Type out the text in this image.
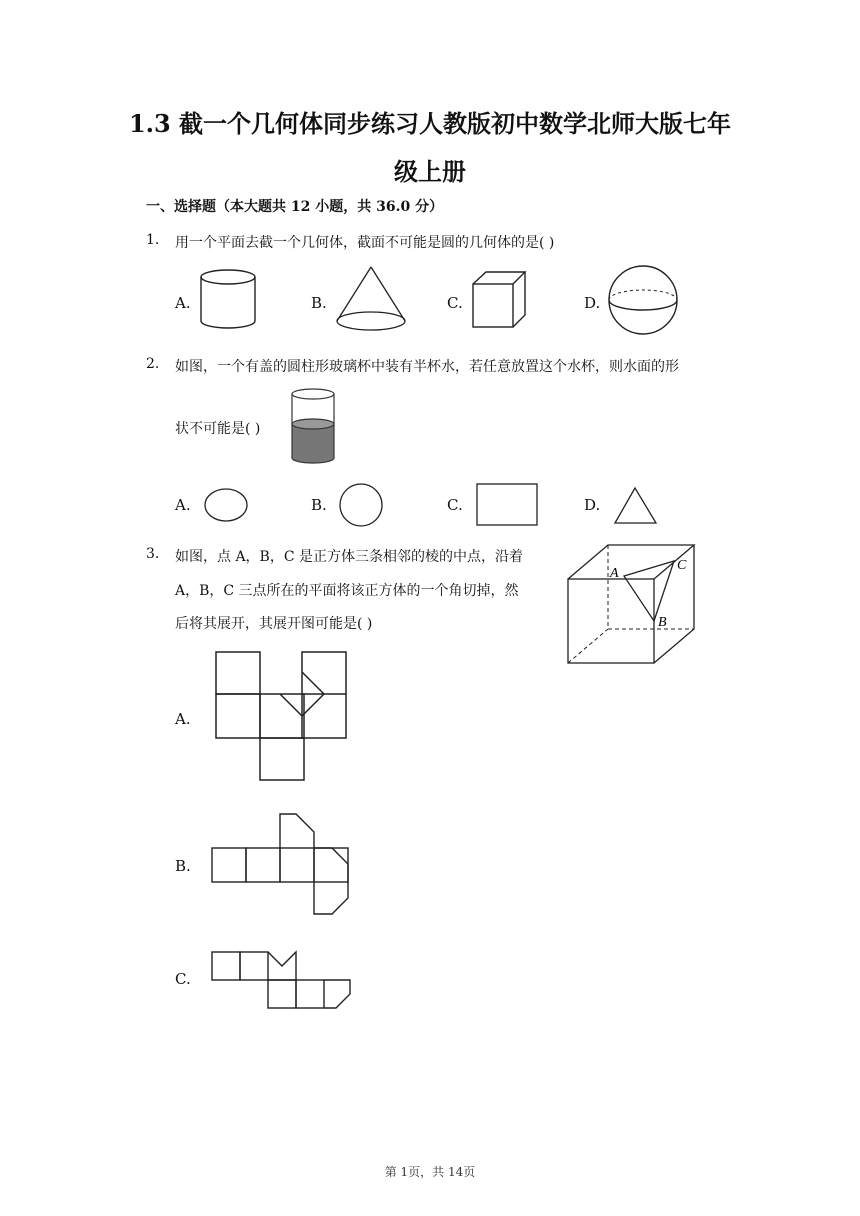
1.3 截一个几何体同步练习人教版初中数学北师大版七年
级上册
一、选择题（本大题共 12 小题，共 36.0 分）
1. 用一个平面去截一个几何体，截面不可能是圆的几何体的是( )
A.	B.	C.	D.
2. 如图，一个有盖的圆柱形玻璃杯中装有半杯水，若任意放置这个水杯，则水面的形
状不可能是( )
A.	B.	C.	D.
3. 如图，点 A，B，C 是正方体三条相邻的棱的中点，沿着
A，B，C 三点所在的平面将该正方体的一个角切掉，然
后将其展开，其展开图可能是( )
A
C
B
A.
B.
C.
第 1页，共 14页
